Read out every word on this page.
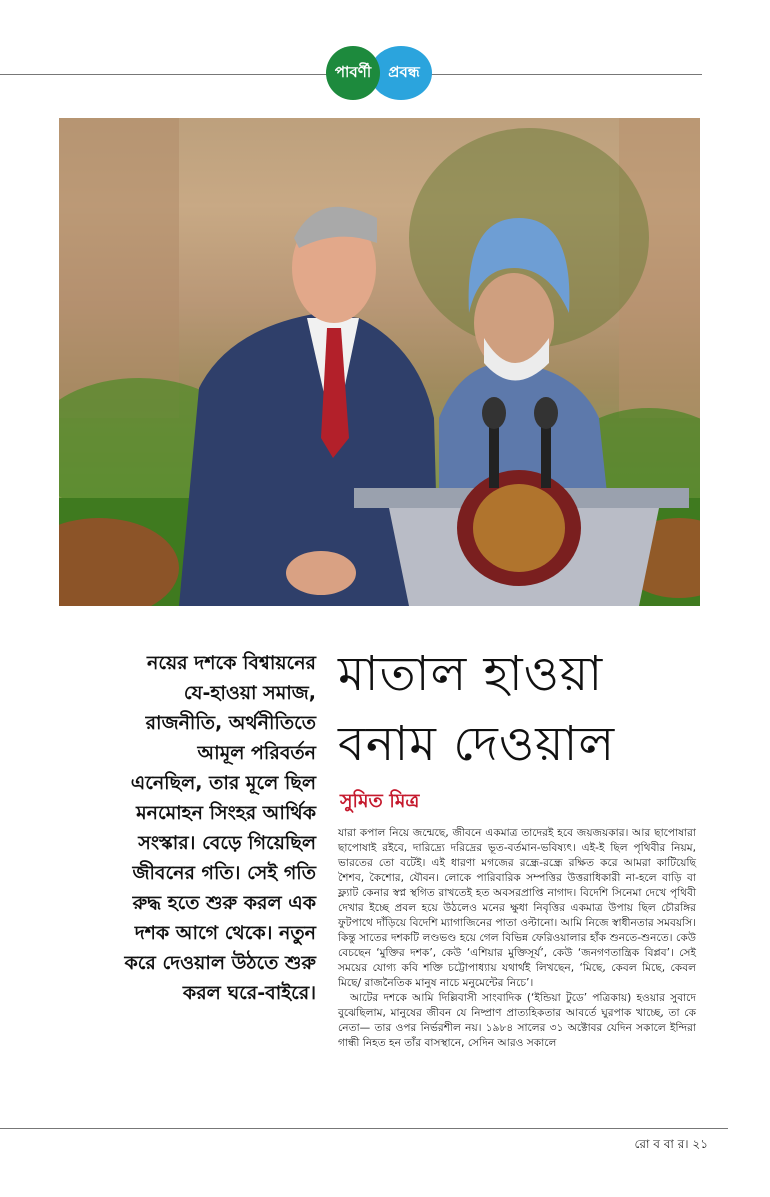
পাবর্ণী	প্রবন্ধ
নয়ের দশকে বিশ্বায়নের
যে-হাওয়া সমাজ,
রাজনীতি, অর্থনীতিতে
আমূল পরিবর্তন
এনেছিল, তার মূলে ছিল
মনমোহন সিংহর আর্থিক
সংস্কার। বেড়ে গিয়েছিল
জীবনের গতি। সেই গতি
রুদ্ধ হতে শুরু করল এক
দশক আগে থেকে। নতুন
করে দেওয়াল উঠতে শুরু
করল ঘরে-বাইরে।
মাতাল হাওয়া
বনাম দেওয়াল
সুমিত মিত্র

যারা কপাল নিয়ে জন্মেছে, জীবনে একমাত্র তাদেরই হবে জয়জয়কার। আর ছাপোষারা ছাপোষাই রইবে, দারিদ্র্যে দরিদ্রের ভূত-বর্তমান-ভবিষ্যৎ। এই-ই ছিল পৃথিবীর নিয়ম, ভারতের তো বটেই। এই ধারণা মগজের রন্ধ্রে-রন্ধ্রে রক্ষিত করে আমরা কাটিয়েছি শৈশব, কৈশোর, যৌবন। লোকে পারিবারিক সম্পত্তির উত্তরাধিকারী না-হলে বাড়ি বা ফ্ল্যাট কেনার স্বপ্ন স্থগিত রাখতেই হত অবসরপ্রাপ্তি নাগাদ। বিদেশি সিনেমা দেখে পৃথিবী দেখার ইচ্ছে প্রবল হয়ে উঠলেও মনের ক্ষুধা নিবৃত্তির একমাত্র উপায় ছিল চৌরঙ্গির ফুটপাথে দাঁড়িয়ে বিদেশি ম্যাগাজিনের পাতা ওল্টানো। আমি নিজে স্বাধীনতার সমবয়সি। কিন্তু সাতের দশকটি লণ্ডভণ্ড হয়ে গেল বিভিন্ন ফেরিওয়ালার হাঁক শুনতে-শুনতে। কেউ বেচছেন ‘মুক্তির দশক’, কেউ ‘এশিয়ার মুক্তিসূর্য’, কেউ ‘জনগণতান্ত্রিক বিপ্লব’। সেই সময়ের যোগ্য কবি শক্তি চট্টোপাধ্যায় যথার্থই লিখছেন, ‘মিছে, কেবল মিছে, কেবল মিছে/ রাজনৈতিক মানুষ নাচে মনুমেন্টের নিচে’।

আটের দশকে আমি দিল্লিবাসী সাংবাদিক (‘ইন্ডিয়া টুডে’ পত্রিকায়) হওয়ার সুবাদে বুঝেছিলাম, মানুষের জীবন যে নিষ্প্রাণ প্রাত্যহিকতার আবর্তে ঘুরপাক খাচ্ছে, তা কে নেতা— তার ওপর নির্ভরশীল নয়। ১৯৮৪ সালের ৩১ অক্টোবর যেদিন সকালে ইন্দিরা গান্ধী নিহত হন তাঁর বাসস্থানে, সেদিন আরও সকালে

রো ব বা র। ২১
